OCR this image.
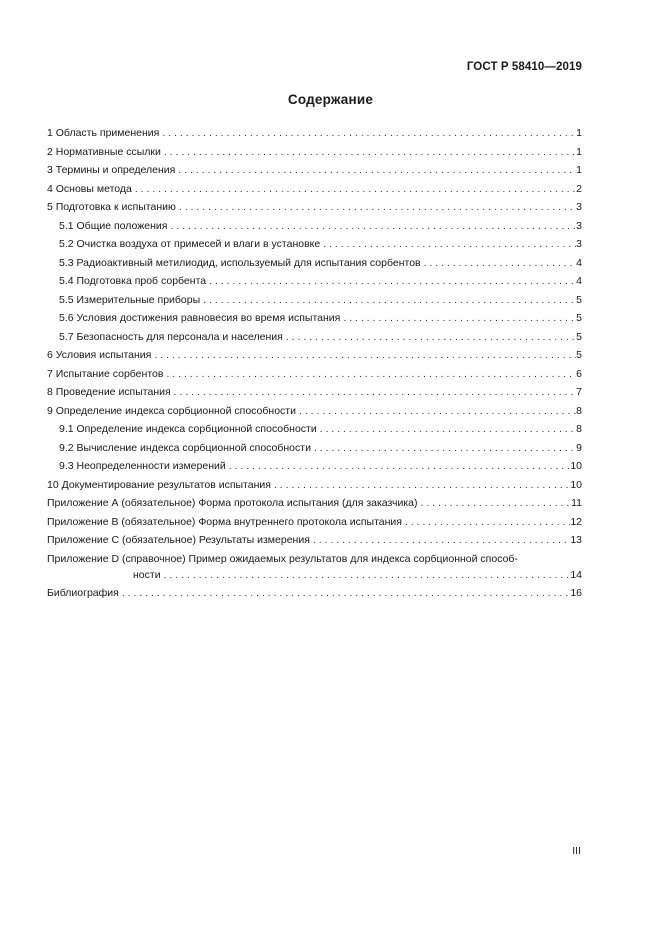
ГОСТ Р 58410—2019
Содержание
1 Область применения . . .	1
2 Нормативные ссылки . . .	1
3 Термины и определения . . .	1
4 Основы метода . . .	2
5 Подготовка к испытанию . . .	3
5.1 Общие положения . . .	3
5.2 Очистка воздуха от примесей и влаги в установке . . .	3
5.3 Радиоактивный метилиодид, используемый для испытания сорбентов . . .	4
5.4 Подготовка проб сорбента . . .	4
5.5 Измерительные приборы . . .	5
5.6 Условия достижения равновесия во время испытания . . .	5
5.7 Безопасность для персонала и населения . . .	5
6 Условия испытания . . .	5
7 Испытание сорбентов . . .	6
8 Проведение испытания . . .	7
9 Определение индекса сорбционной способности . . .	8
9.1 Определение индекса сорбционной способности . . .	8
9.2 Вычисление индекса сорбционной способности . . .	9
9.3 Неопределенности измерений . . .	10
10 Документирование результатов испытания . . .	10
Приложение А (обязательное) Форма протокола испытания (для заказчика) . . .	11
Приложение В (обязательное) Форма внутреннего протокола испытания . . .	12
Приложение С (обязательное) Результаты измерения . . .	13
Приложение D (справочное) Пример ожидаемых результатов для индекса сорбционной способ-
ности . . .	14
Библиография . . .	16
III
